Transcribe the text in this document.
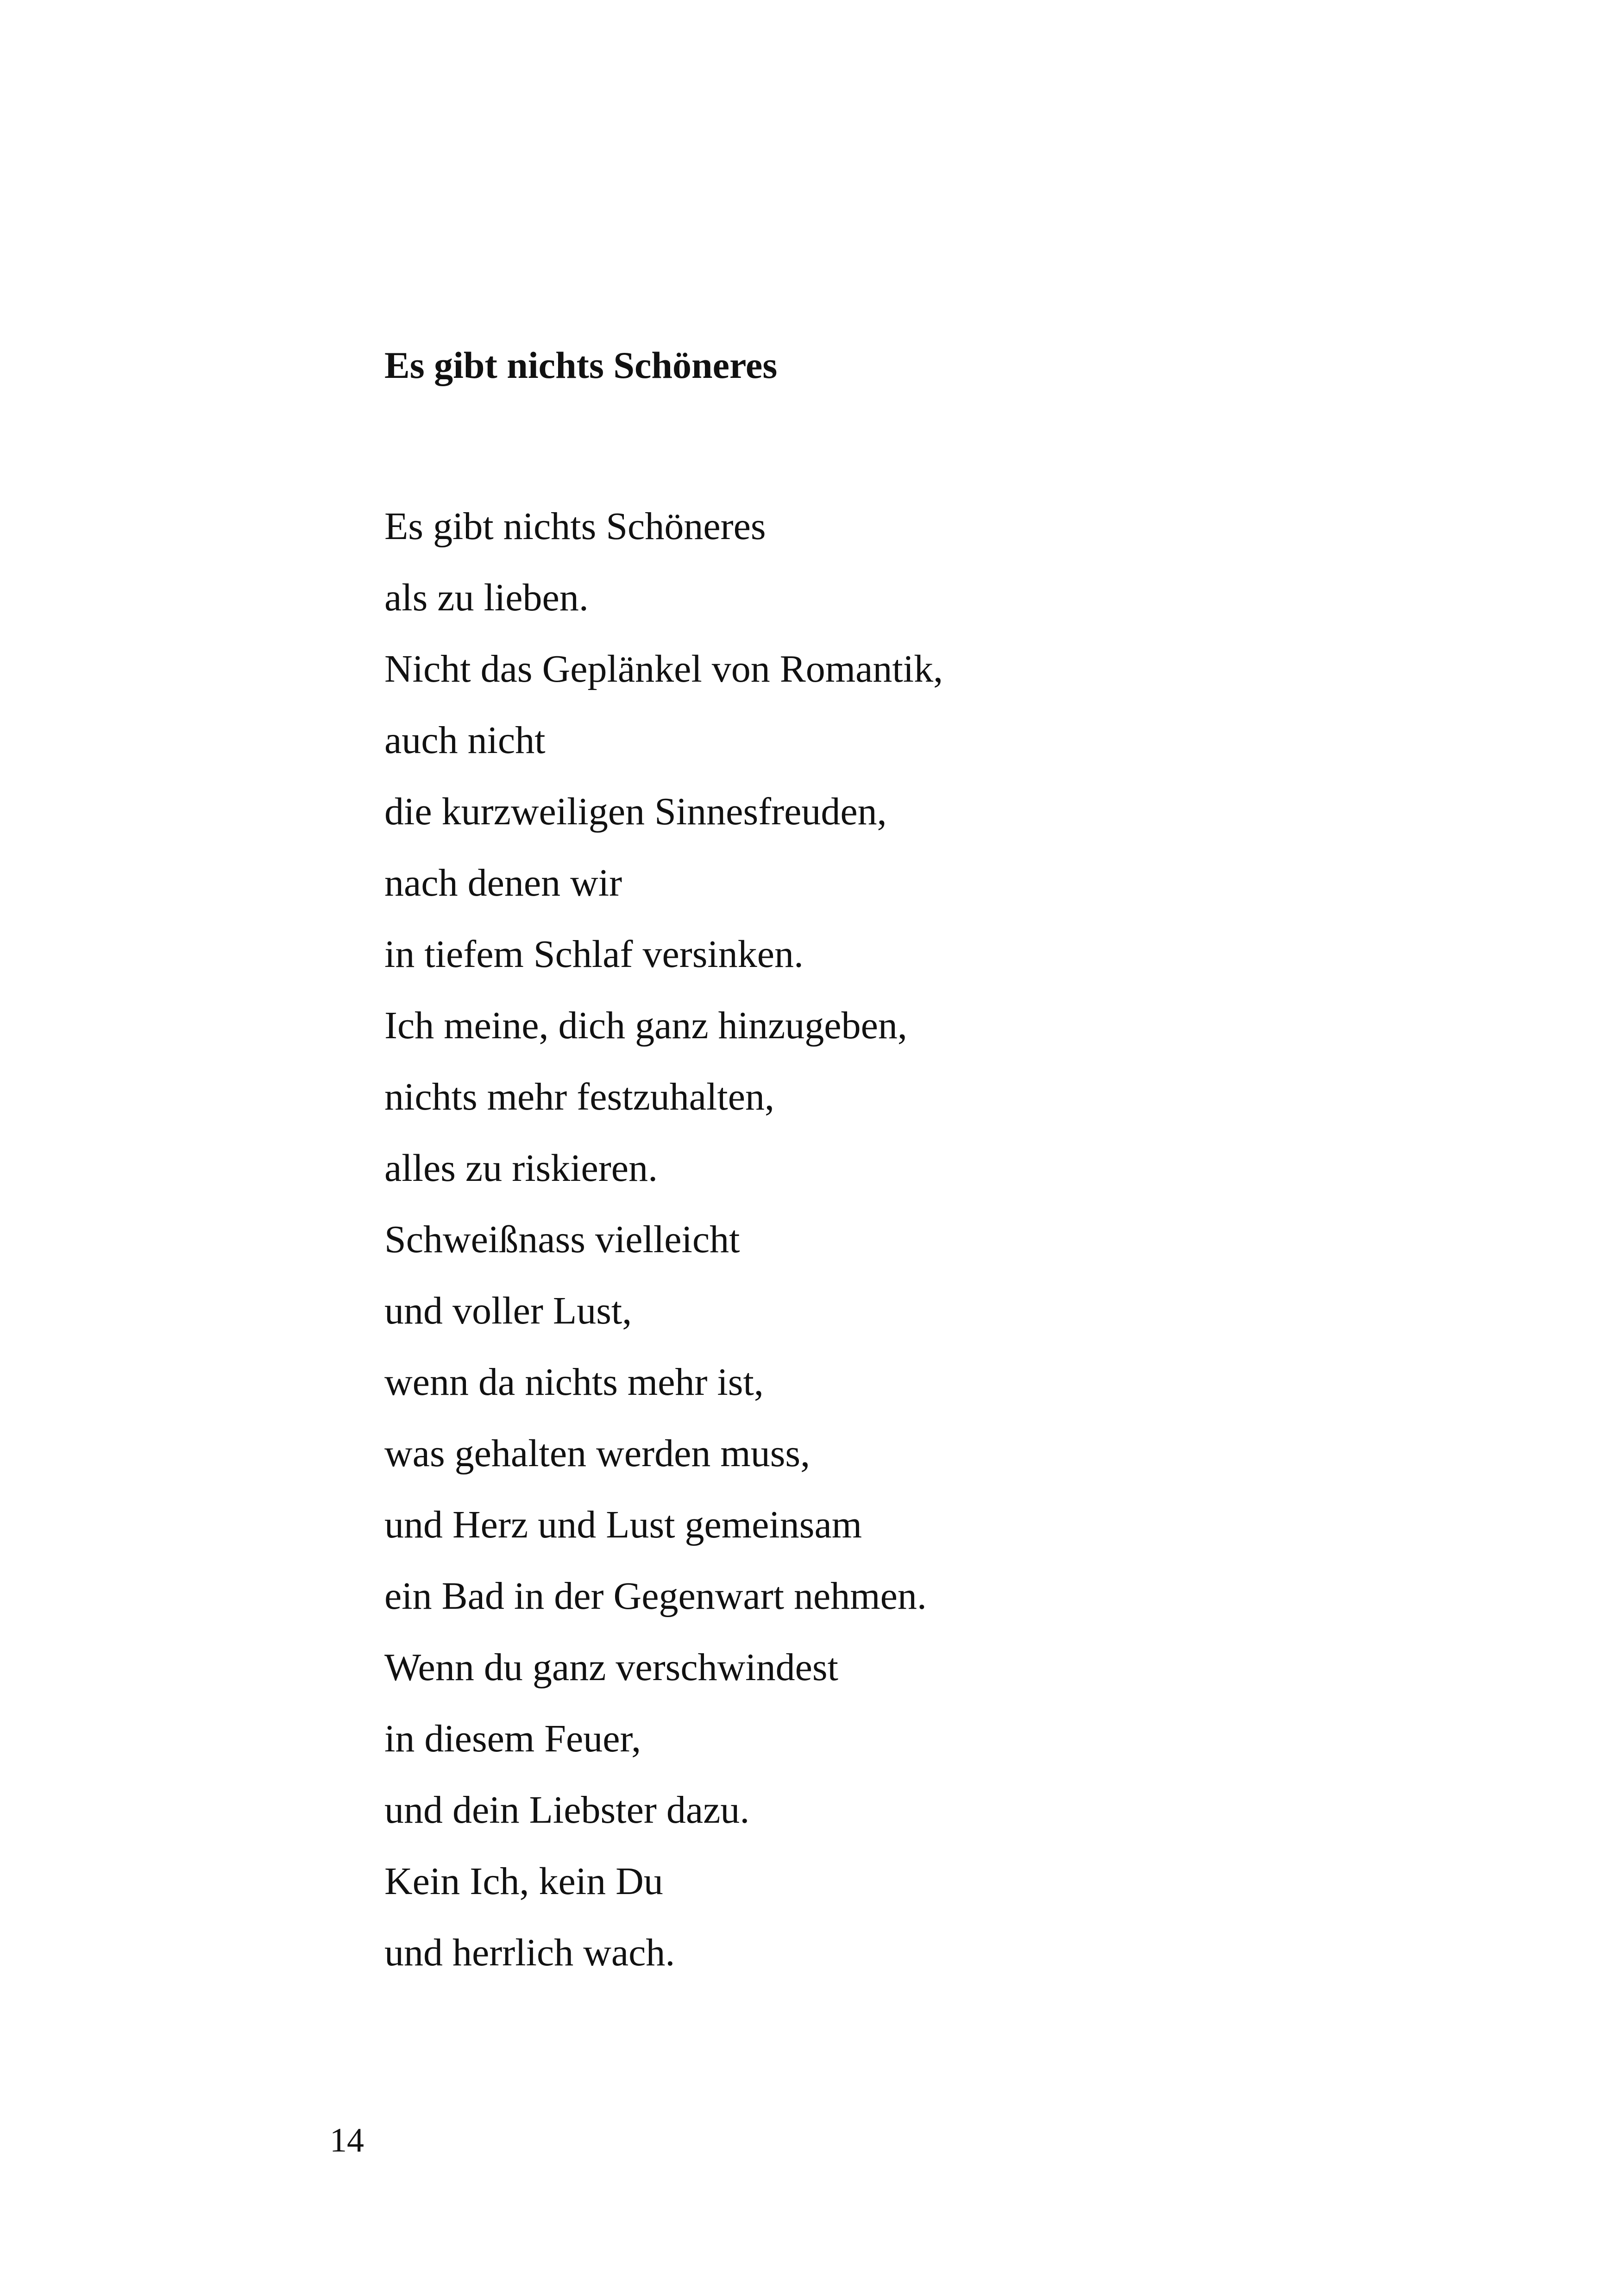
Es gibt nichts Schöneres
Es gibt nichts Schöneres
als zu lieben.
Nicht das Geplänkel von Romantik,
auch nicht
die kurzweiligen Sinnesfreuden,
nach denen wir
in tiefem Schlaf versinken.
Ich meine, dich ganz hinzugeben,
nichts mehr festzuhalten,
alles zu riskieren.
Schweißnass vielleicht
und voller Lust,
wenn da nichts mehr ist,
was gehalten werden muss,
und Herz und Lust gemeinsam
ein Bad in der Gegenwart nehmen.
Wenn du ganz verschwindest
in diesem Feuer,
und dein Liebster dazu.
Kein Ich, kein Du
und herrlich wach.
14
